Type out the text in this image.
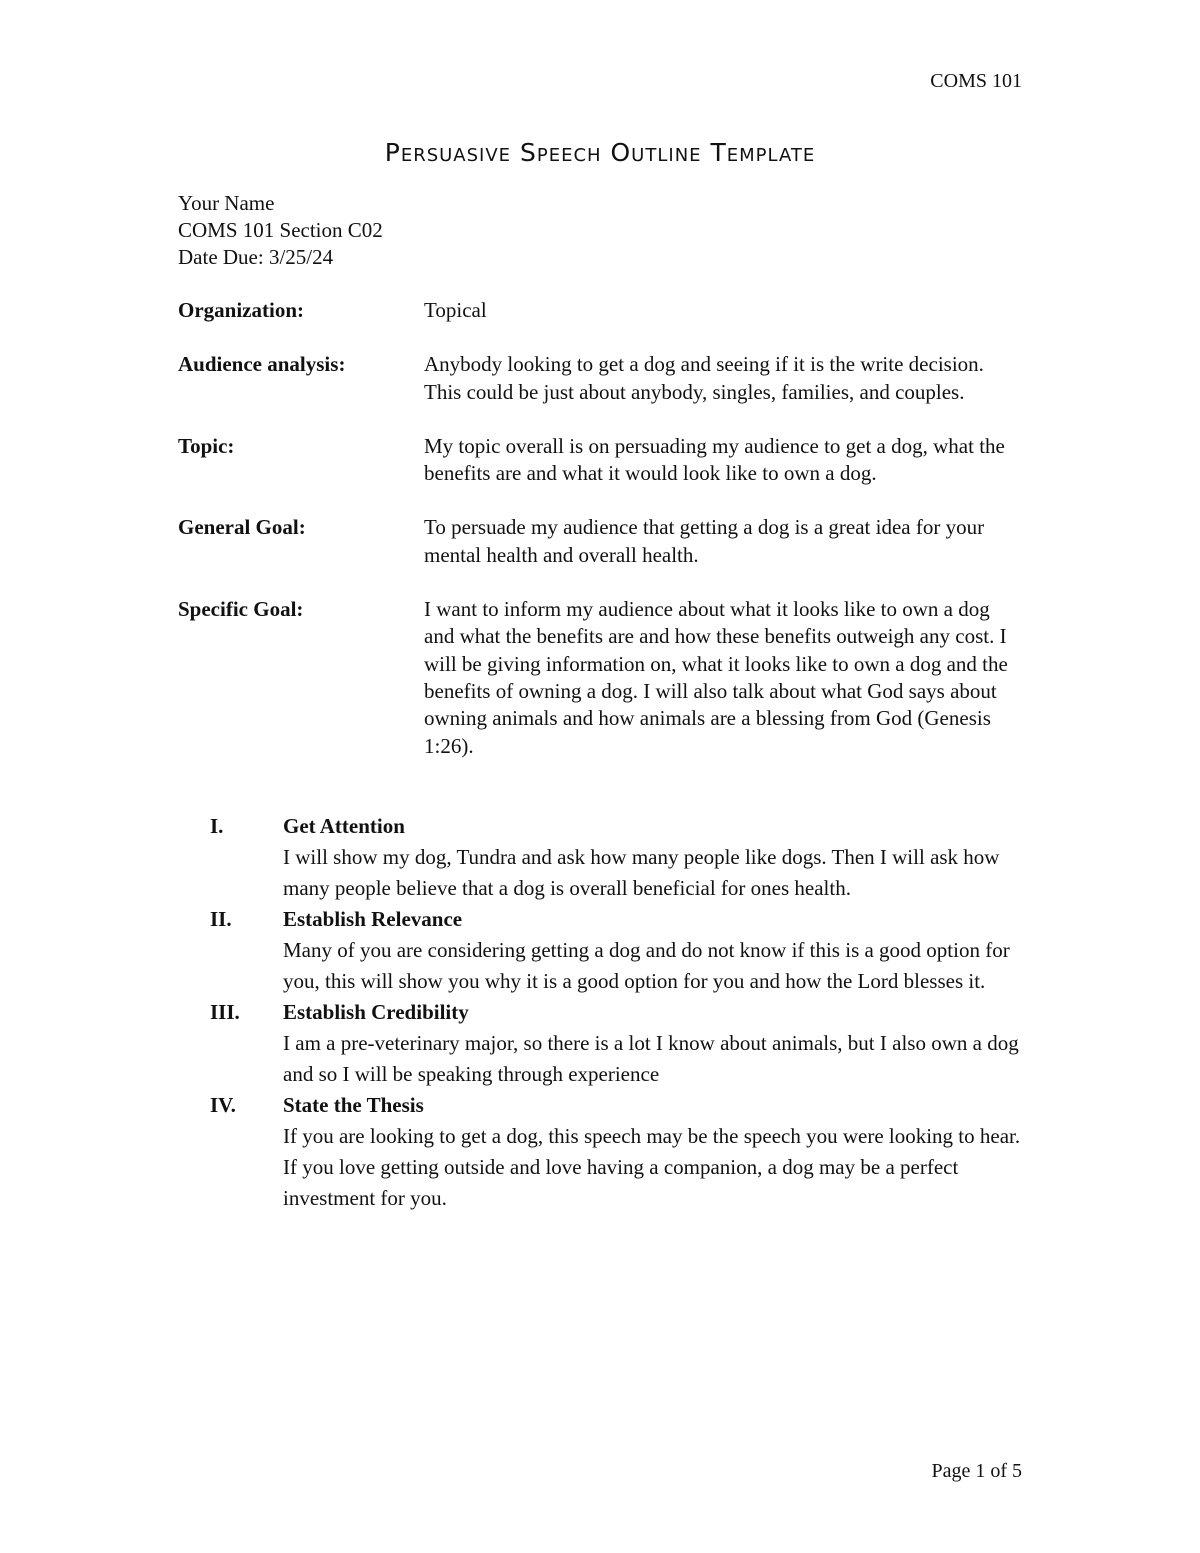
COMS 101
Persuasive Speech Outline Template
Your Name
COMS 101 Section C02
Date Due: 3/25/24
Organization:	Topical
Audience analysis:	Anybody looking to get a dog and seeing if it is the write decision. This could be just about anybody, singles, families, and couples.
Topic:	My topic overall is on persuading my audience to get a dog, what the benefits are and what it would look like to own a dog.
General Goal:	To persuade my audience that getting a dog is a great idea for your mental health and overall health.
Specific Goal:	I want to inform my audience about what it looks like to own a dog and what the benefits are and how these benefits outweigh any cost. I will be giving information on, what it looks like to own a dog and the benefits of owning a dog. I will also talk about what God says about owning animals and how animals are a blessing from God (Genesis 1:26).
I.	Get Attention
I will show my dog, Tundra and ask how many people like dogs. Then I will ask how many people believe that a dog is overall beneficial for ones health.
II.	Establish Relevance
Many of you are considering getting a dog and do not know if this is a good option for you, this will show you why it is a good option for you and how the Lord blesses it.
III.	Establish Credibility
I am a pre-veterinary major, so there is a lot I know about animals, but I also own a dog and so I will be speaking through experience
IV.	State the Thesis
If you are looking to get a dog, this speech may be the speech you were looking to hear. If you love getting outside and love having a companion, a dog may be a perfect investment for you.
Page 1 of 5
